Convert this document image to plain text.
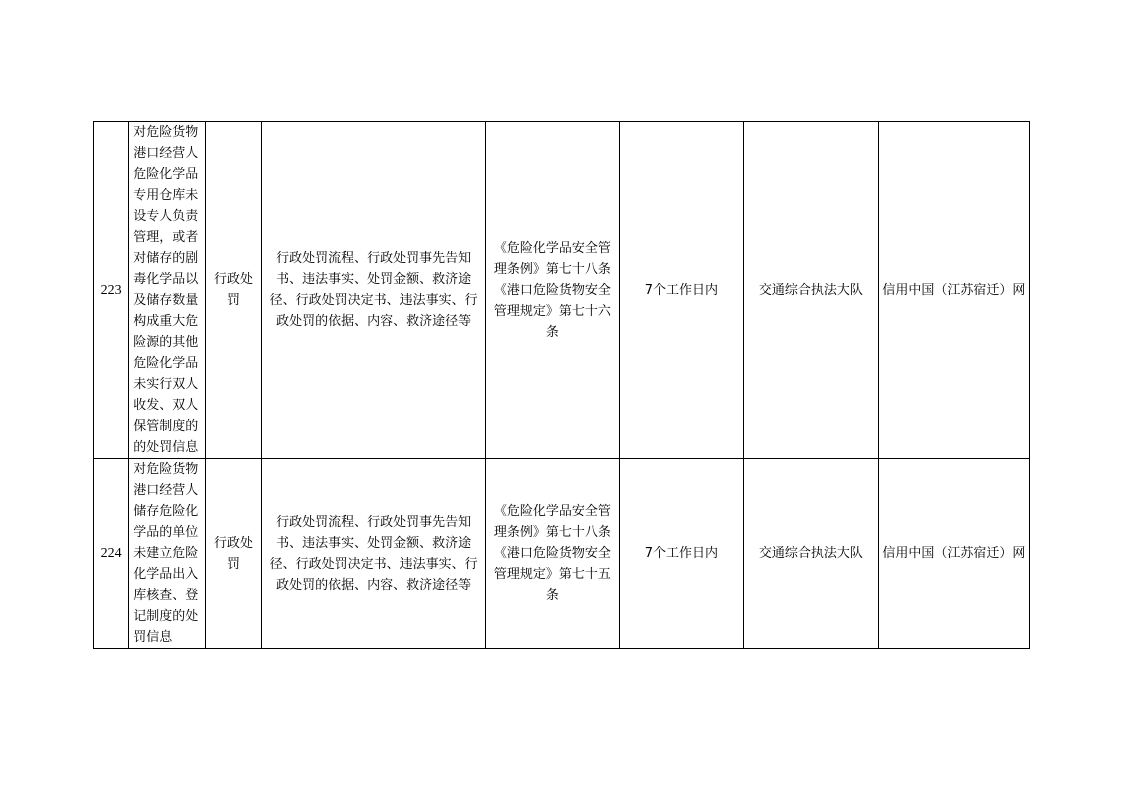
223	对危险货物港口经营人危险化学品专用仓库未设专人负责管理，或者对储存的剧毒化学品以及储存数量构成重大危险源的其他危险化学品未实行双人收发、双人保管制度的的处罚信息	行政处罚	行政处罚流程、行政处罚事先告知书、违法事实、处罚金额、救济途径、行政处罚决定书、违法事实、行政处罚的依据、内容、救济途径等	《危险化学品安全管理条例》第七十八条
《港口危险货物安全管理规定》第七十六条	7个工作日内	交通综合执法大队	信用中国（江苏宿迁）网
224	对危险货物港口经营人储存危险化学品的单位未建立危险化学品出入库核查、登记制度的处罚信息	行政处罚	行政处罚流程、行政处罚事先告知书、违法事实、处罚金额、救济途径、行政处罚决定书、违法事实、行政处罚的依据、内容、救济途径等	《危险化学品安全管理条例》第七十八条
《港口危险货物安全管理规定》第七十五条	7个工作日内	交通综合执法大队	信用中国（江苏宿迁）网
